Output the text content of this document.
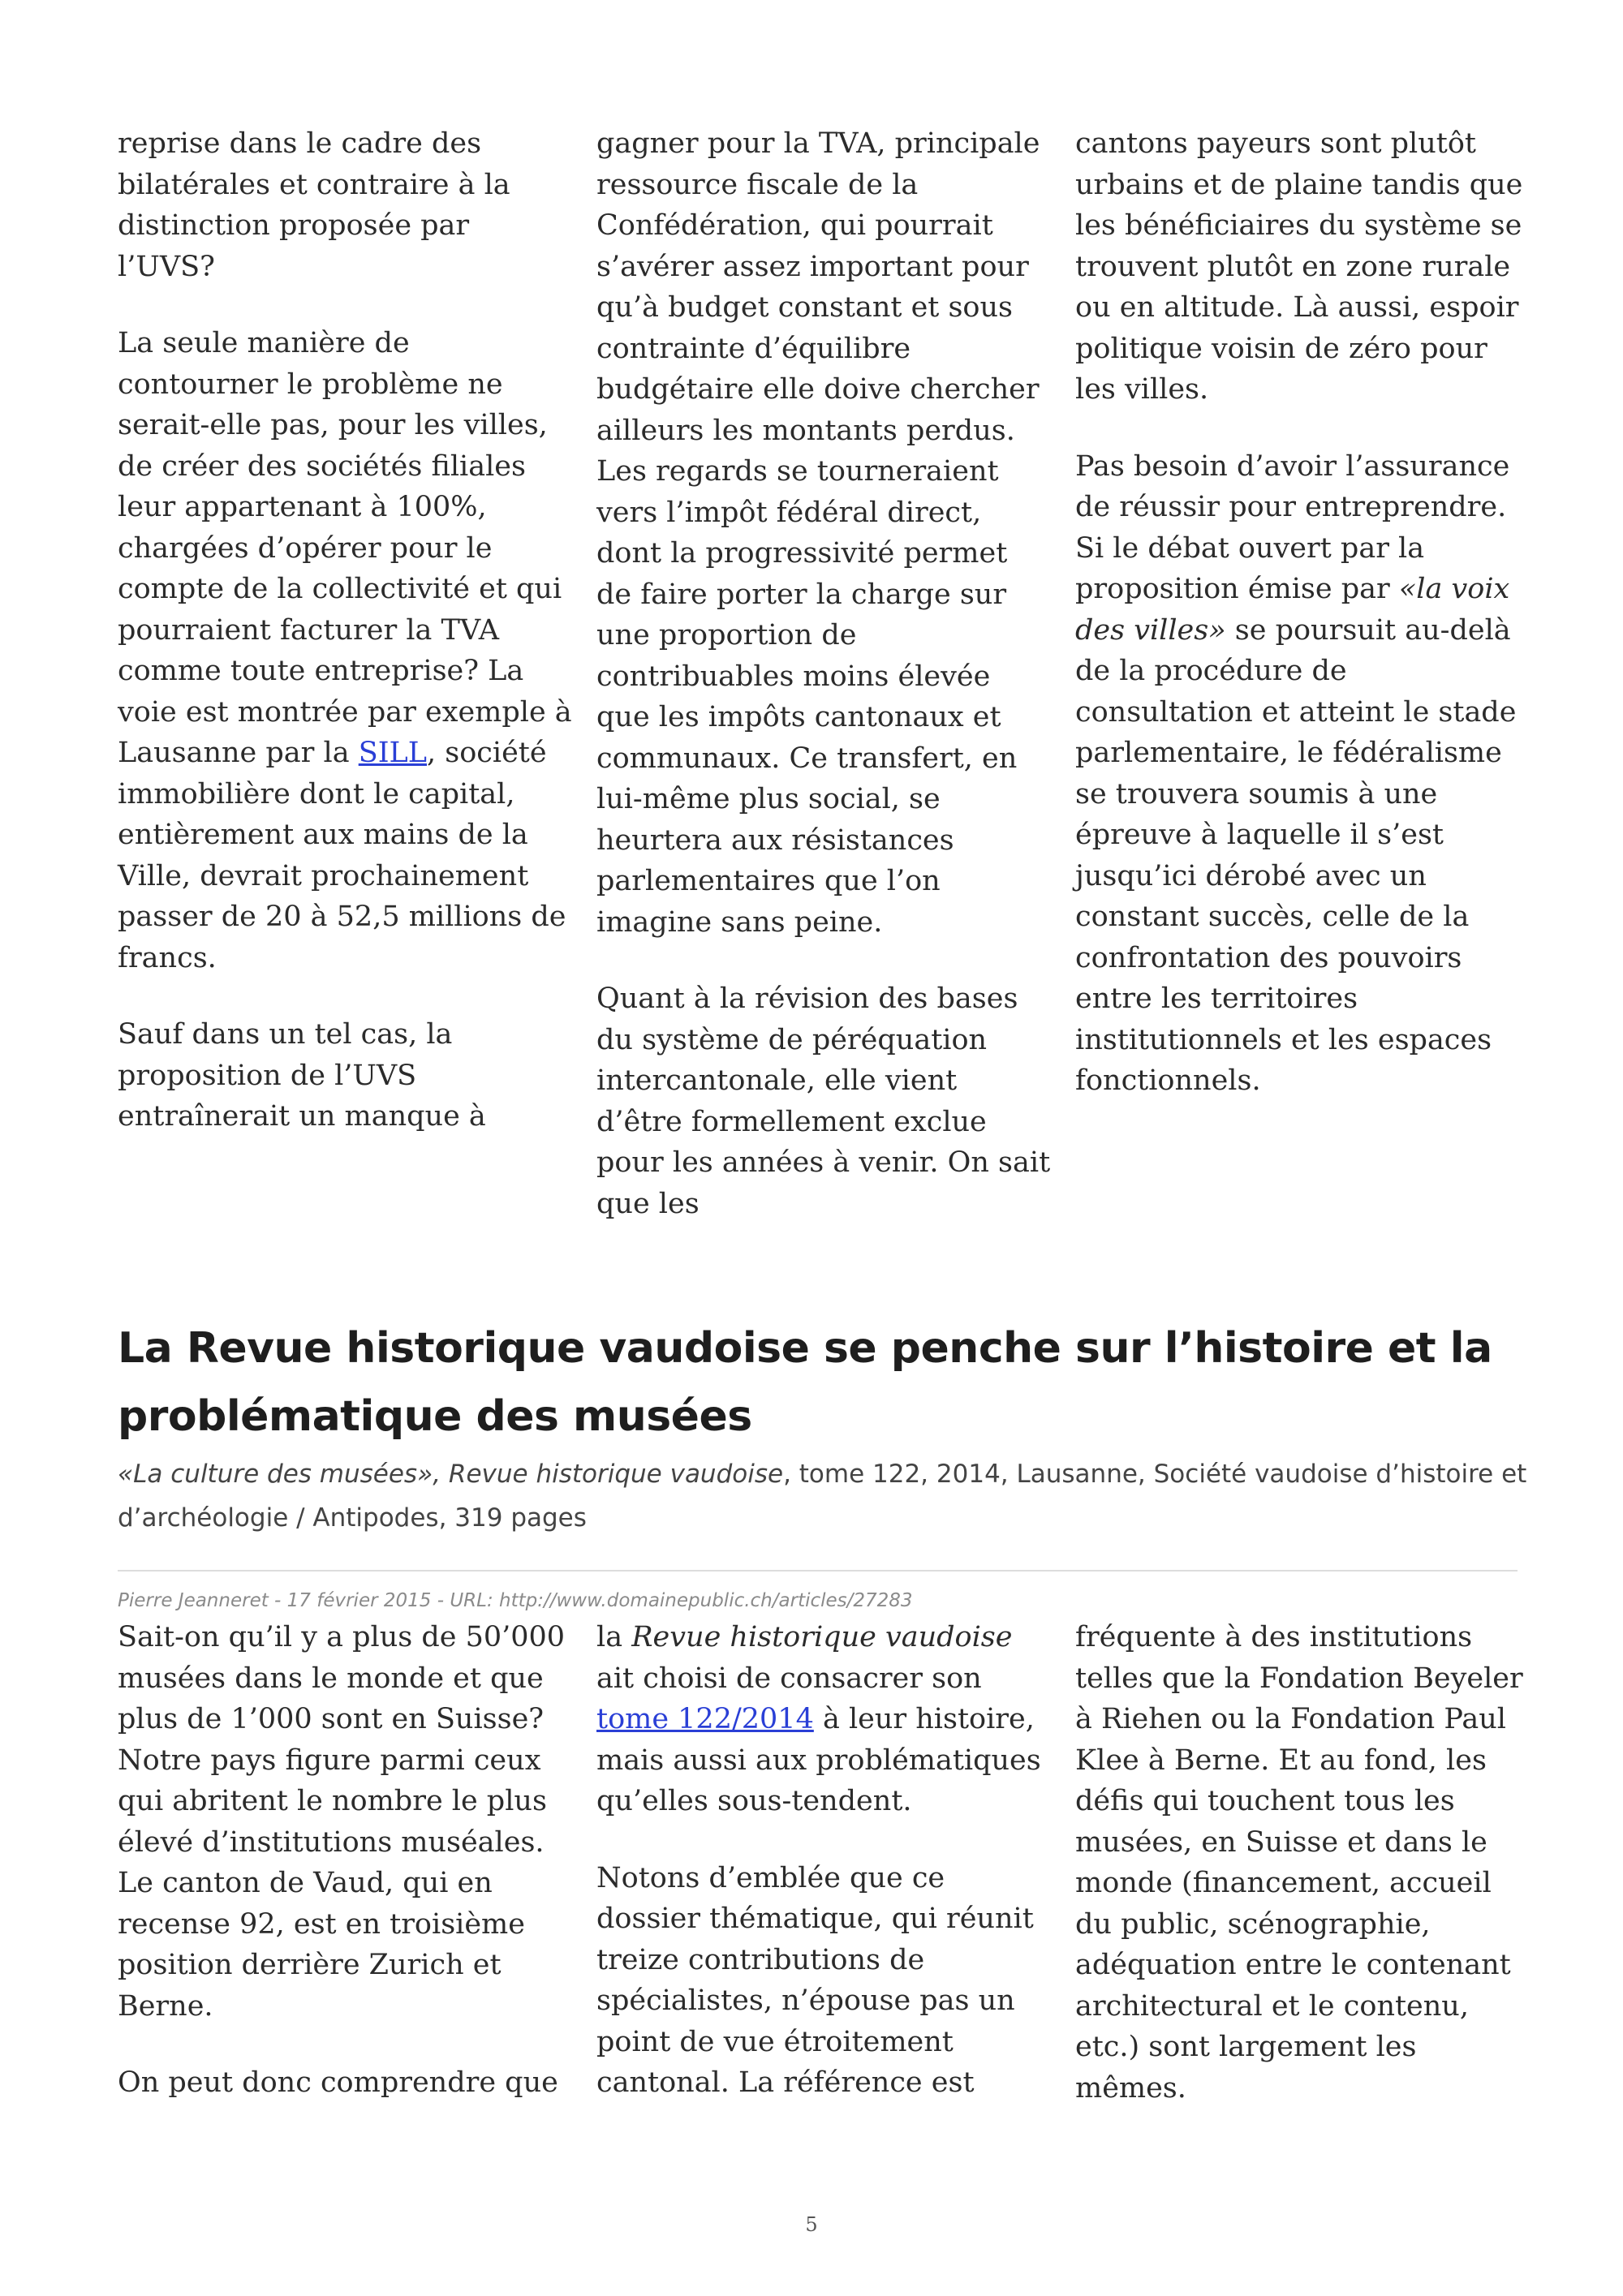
reprise dans le cadre des bilatérales et contraire à la distinction proposée par l’UVS?

La seule manière de contourner le problème ne serait-elle pas, pour les villes, de créer des sociétés filiales leur appartenant à 100%, chargées d’opérer pour le compte de la collectivité et qui pourraient facturer la TVA comme toute entreprise? La voie est montrée par exemple à Lausanne par la SILL, société immobilière dont le capital, entièrement aux mains de la Ville, devrait prochainement passer de 20 à 52,5 millions de francs.

Sauf dans un tel cas, la proposition de l’UVS entraînerait un manque à

gagner pour la TVA, principale ressource fiscale de la Confédération, qui pourrait s’avérer assez important pour qu’à budget constant et sous contrainte d’équilibre budgétaire elle doive chercher ailleurs les montants perdus. Les regards se tourneraient vers l’impôt fédéral direct, dont la progressivité permet de faire porter la charge sur une proportion de contribuables moins élevée que les impôts cantonaux et communaux. Ce transfert, en lui-même plus social, se heurtera aux résistances parlementaires que l’on imagine sans peine.

Quant à la révision des bases du système de péréquation intercantonale, elle vient d’être formellement exclue pour les années à venir. On sait que les

cantons payeurs sont plutôt urbains et de plaine tandis que les bénéficiaires du système se trouvent plutôt en zone rurale ou en altitude. Là aussi, espoir politique voisin de zéro pour les villes.

Pas besoin d’avoir l’assurance de réussir pour entreprendre. Si le débat ouvert par la proposition émise par «la voix des villes» se poursuit au-delà de la procédure de consultation et atteint le stade parlementaire, le fédéralisme se trouvera soumis à une épreuve à laquelle il s’est jusqu’ici dérobé avec un constant succès, celle de la confrontation des pouvoirs entre les territoires institutionnels et les espaces fonctionnels.

La Revue historique vaudoise se penche sur l’histoire et la problématique des musées
«La culture des musées», Revue historique vaudoise, tome 122, 2014, Lausanne, Société vaudoise d’histoire et d’archéologie / Antipodes, 319 pages
Pierre Jeanneret - 17 février 2015 - URL: http://www.domainepublic.ch/articles/27283

Sait-on qu’il y a plus de 50’000 musées dans le monde et que plus de 1’000 sont en Suisse? Notre pays figure parmi ceux qui abritent le nombre le plus élevé d’institutions muséales. Le canton de Vaud, qui en recense 92, est en troisième position derrière Zurich et Berne.

On peut donc comprendre que

la Revue historique vaudoise ait choisi de consacrer son tome 122/2014 à leur histoire, mais aussi aux problématiques qu’elles sous-tendent.

Notons d’emblée que ce dossier thématique, qui réunit treize contributions de spécialistes, n’épouse pas un point de vue étroitement cantonal. La référence est

fréquente à des institutions telles que la Fondation Beyeler à Riehen ou la Fondation Paul Klee à Berne. Et au fond, les défis qui touchent tous les musées, en Suisse et dans le monde (financement, accueil du public, scénographie, adéquation entre le contenant architectural et le contenu, etc.) sont largement les mêmes.

5
